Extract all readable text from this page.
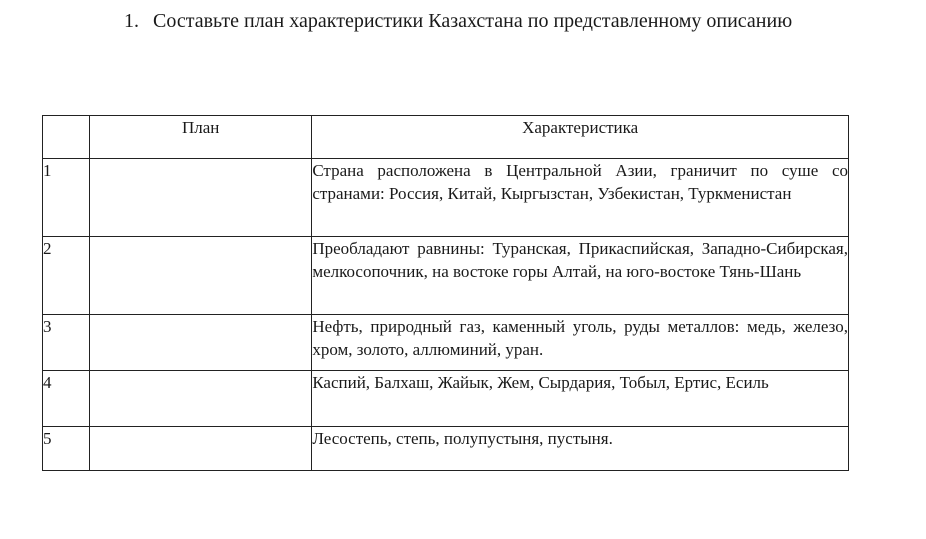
1. Составьте план характеристики Казахстана по представленному описанию
	План	Характеристика
1		Страна расположена в Центральной Азии, граничит по суше со странами: Россия, Китай, Кыргызстан, Узбекистан, Туркменистан
2		Преобладают равнины: Туранская, Прикаспийская, Западно-Сибирская, мелкосопочник, на востоке горы Алтай, на юго-востоке Тянь-Шань
3		Нефть, природный газ, каменный уголь, руды металлов: медь, железо, хром, золото, аллюминий, уран.
4		Каспий, Балхаш, Жайык, Жем, Сырдария, Тобыл, Ертис, Есиль
5		Лесостепь, степь, полупустыня, пустыня.
